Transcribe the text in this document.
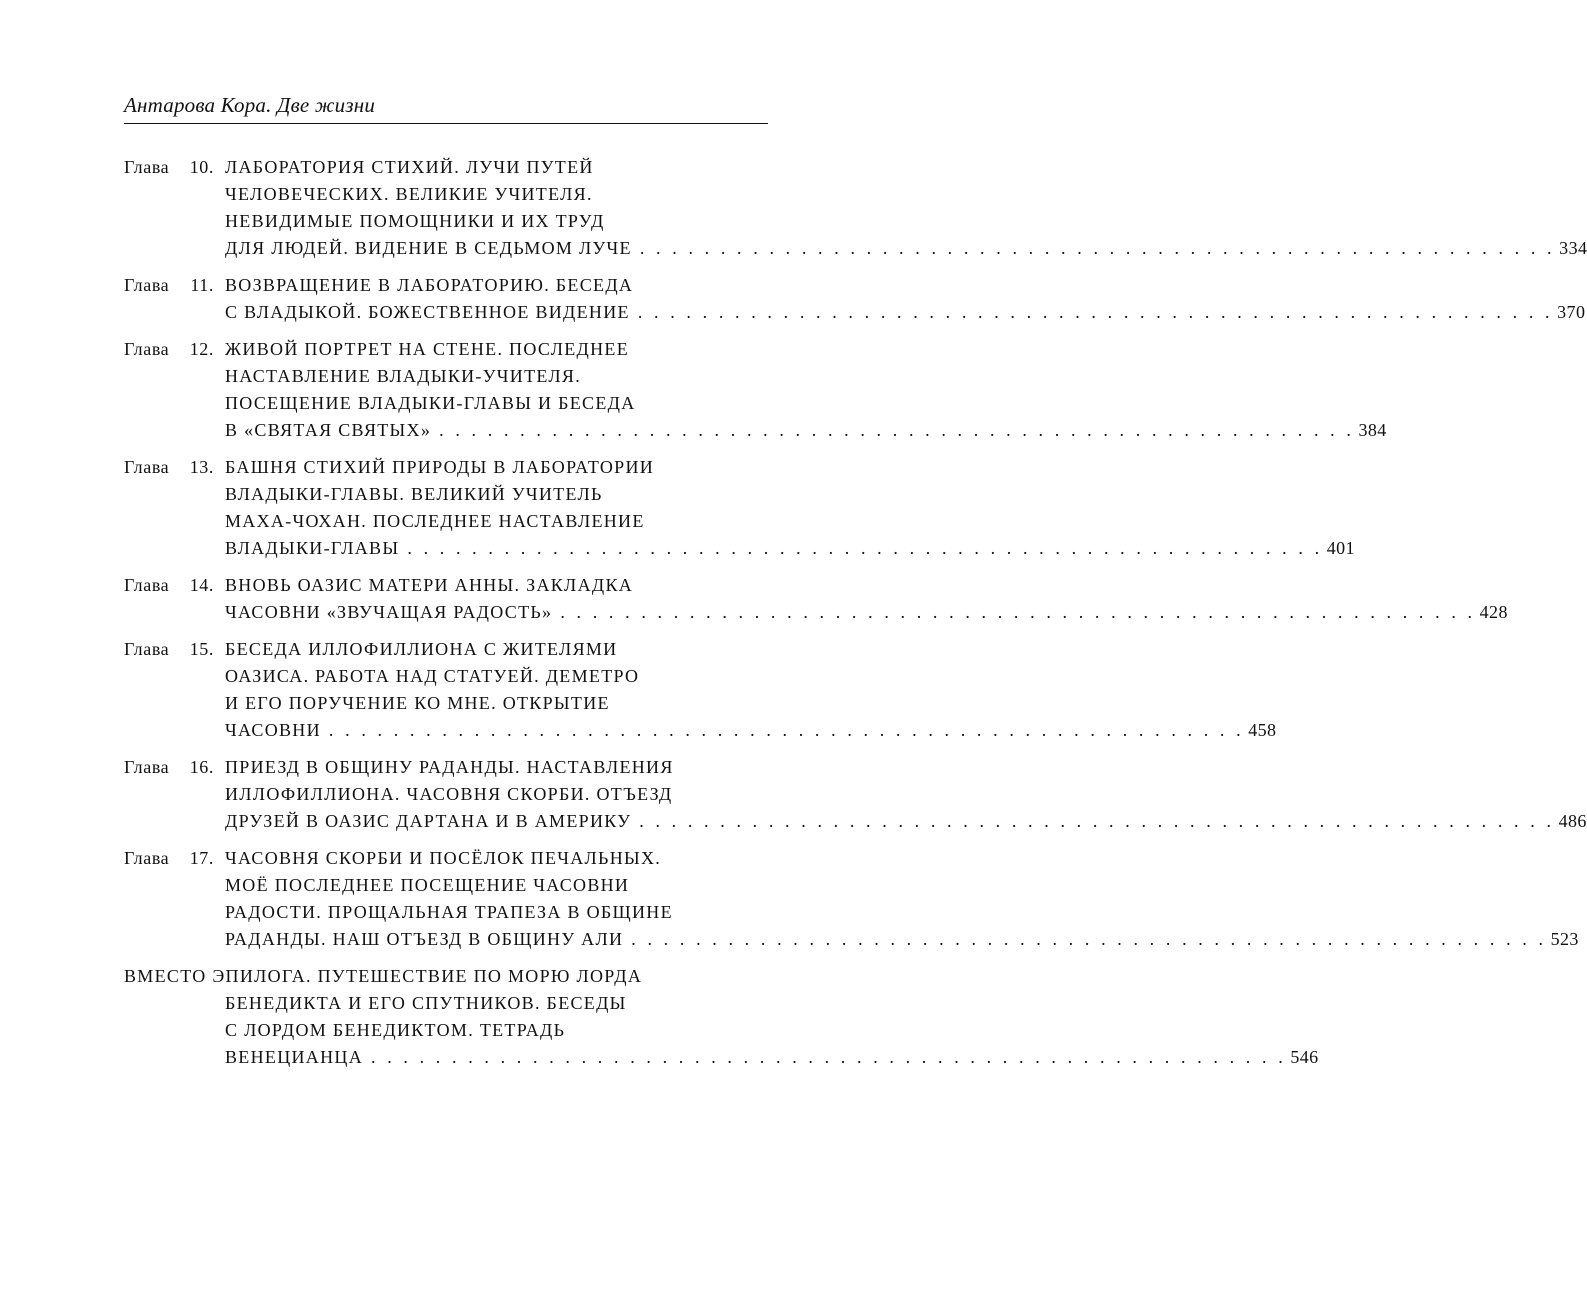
Антарова Кора. Две жизни
Глава 10. ЛАБОРАТОРИЯ СТИХИЙ. ЛУЧИ ПУТЕЙ
ЧЕЛОВЕЧЕСКИХ. ВЕЛИКИЕ УЧИТЕЛЯ.
НЕВИДИМЫЕ ПОМОЩНИКИ И ИХ ТРУД
ДЛЯ ЛЮДЕЙ. ВИДЕНИЕ В СЕДЬМОМ ЛУЧЕ . . . . . . . . . . . . . . . . . . . . . . . . . . . . . . . . . . . . . . . . . . . . . . . . . . . . . . . . . 334
Глава 11. ВОЗВРАЩЕНИЕ В ЛАБОРАТОРИЮ. БЕСЕДА
С ВЛАДЫКОЙ. БОЖЕСТВЕННОЕ ВИДЕНИЕ . . . . . . . . . . . . . . . . . . . . . . . . . . . . . . . . . . . . . . . . . . . . . . . . . . . . . . . . . 370
Глава 12. ЖИВОЙ ПОРТРЕТ НА СТЕНЕ. ПОСЛЕДНЕЕ
НАСТАВЛЕНИЕ ВЛАДЫКИ-УЧИТЕЛЯ.
ПОСЕЩЕНИЕ ВЛАДЫКИ-ГЛАВЫ И БЕСЕДА
В «СВЯТАЯ СВЯТЫХ» . . . . . . . . . . . . . . . . . . . . . . . . . . . . . . . . . . . . . . . . . . . . . . . . . . . . . . . . . 384
Глава 13. БАШНЯ СТИХИЙ ПРИРОДЫ В ЛАБОРАТОРИИ
ВЛАДЫКИ-ГЛАВЫ. ВЕЛИКИЙ УЧИТЕЛЬ
МАХА-ЧОХАН. ПОСЛЕДНЕЕ НАСТАВЛЕНИЕ
ВЛАДЫКИ-ГЛАВЫ . . . . . . . . . . . . . . . . . . . . . . . . . . . . . . . . . . . . . . . . . . . . . . . . . . . . . . . . . 401
Глава 14. ВНОВЬ ОАЗИС МАТЕРИ АННЫ. ЗАКЛАДКА
ЧАСОВНИ «ЗВУЧАЩАЯ РАДОСТЬ» . . . . . . . . . . . . . . . . . . . . . . . . . . . . . . . . . . . . . . . . . . . . . . . . . . . . . . . . . 428
Глава 15. БЕСЕДА ИЛЛОФИЛЛИОНА С ЖИТЕЛЯМИ
ОАЗИСА. РАБОТА НАД СТАТУЕЙ. ДЕМЕТРО
И ЕГО ПОРУЧЕНИЕ КО МНЕ. ОТКРЫТИЕ
ЧАСОВНИ . . . . . . . . . . . . . . . . . . . . . . . . . . . . . . . . . . . . . . . . . . . . . . . . . . . . . . . . . 458
Глава 16. ПРИЕЗД В ОБЩИНУ РАДАНДЫ. НАСТАВЛЕНИЯ
ИЛЛОФИЛЛИОНА. ЧАСОВНЯ СКОРБИ. ОТЪЕЗД
ДРУЗЕЙ В ОАЗИС ДАРТАНА И В АМЕРИКУ . . . . . . . . . . . . . . . . . . . . . . . . . . . . . . . . . . . . . . . . . . . . . . . . . . . . . . . . . 486
Глава 17. ЧАСОВНЯ СКОРБИ И ПОСЁЛОК ПЕЧАЛЬНЫХ.
МОЁ ПОСЛЕДНЕЕ ПОСЕЩЕНИЕ ЧАСОВНИ
РАДОСТИ. ПРОЩАЛЬНАЯ ТРАПЕЗА В ОБЩИНЕ
РАДАНДЫ. НАШ ОТЪЕЗД В ОБЩИНУ АЛИ . . . . . . . . . . . . . . . . . . . . . . . . . . . . . . . . . . . . . . . . . . . . . . . . . . . . . . . . . 523
ВМЕСТО ЭПИЛОГА. ПУТЕШЕСТВИЕ ПО МОРЮ ЛОРДА
БЕНЕДИКТА И ЕГО СПУТНИКОВ. БЕСЕДЫ
С ЛОРДОМ БЕНЕДИКТОМ. ТЕТРАДЬ
ВЕНЕЦИАНЦА . . . . . . . . . . . . . . . . . . . . . . . . . . . . . . . . . . . . . . . . . . . . . . . . . . . . . . . . . 546
